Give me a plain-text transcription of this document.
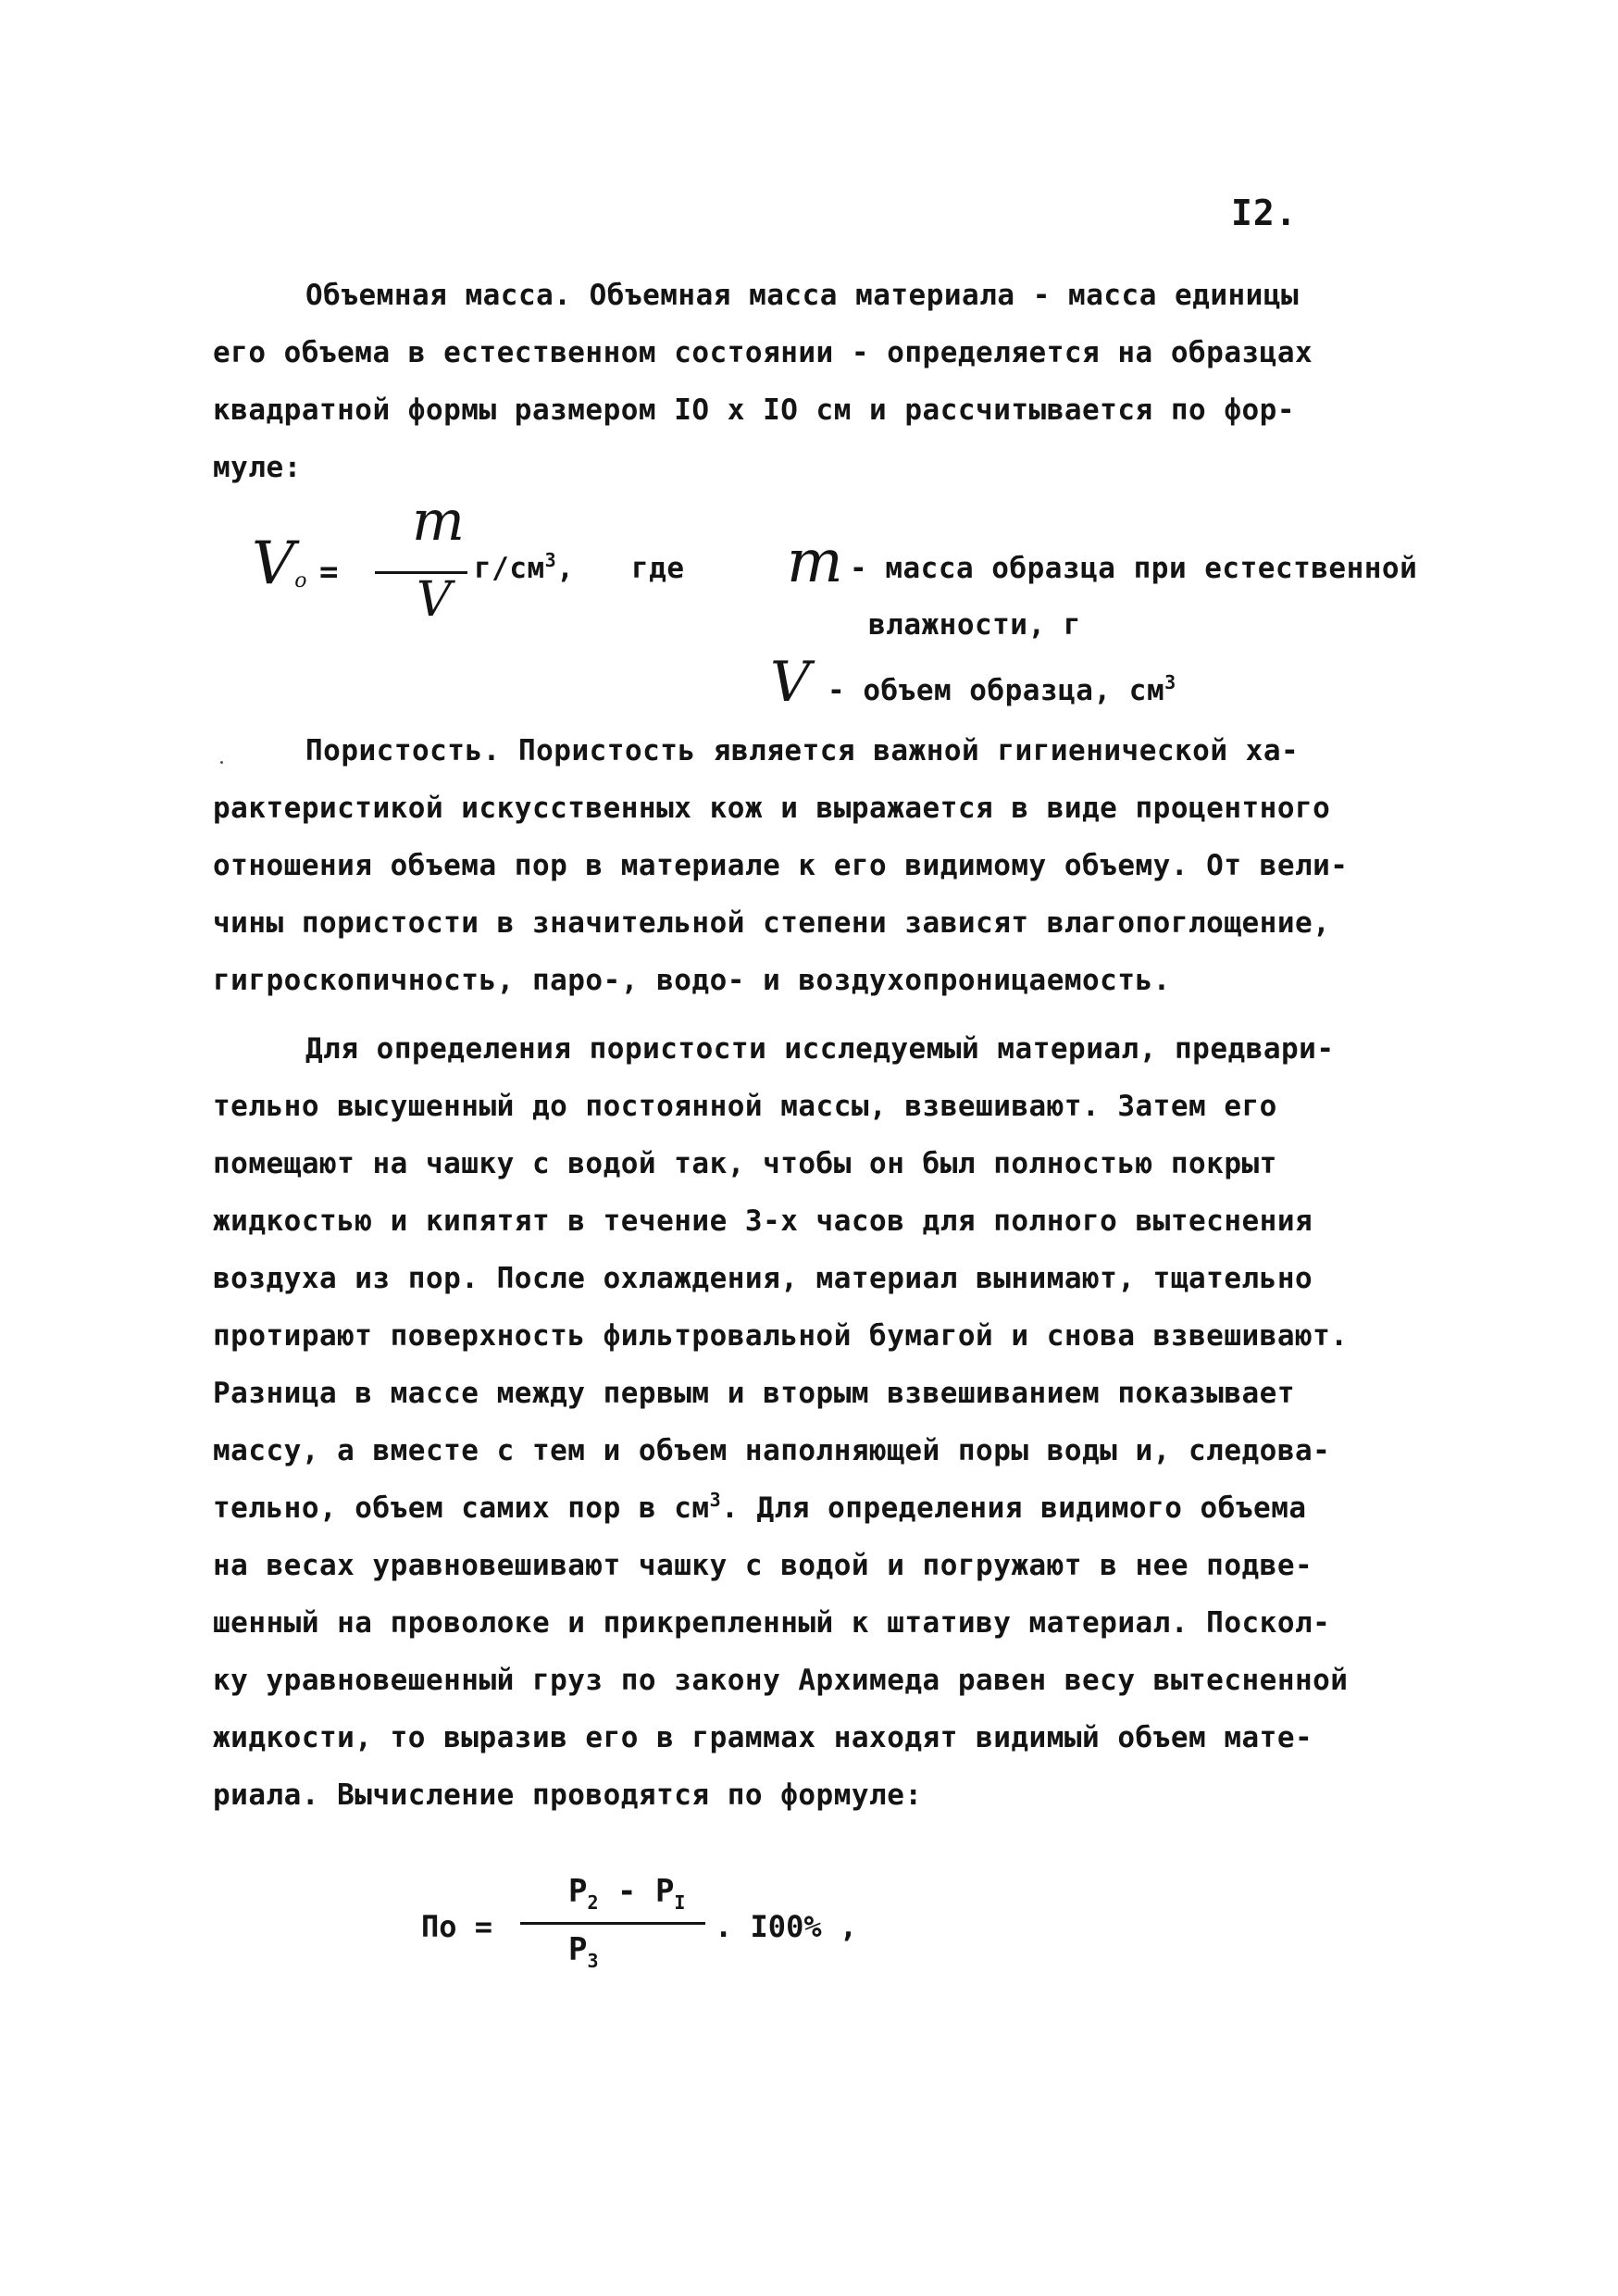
I2.
Объемная масса. Объемная масса материала - масса единицы
его объема в естественном состоянии - определяется на образцах
квадратной формы размером IO x IO см и рассчитывается по фор-
муле:
Vo =
m
V
$г/см^3$, где m - масса образца при естественной
влажности, г
V - объем образца, $см^3$
Пористость. Пористость является важной гигиенической ха-
рактеристикой искусственных кож и выражается в виде процентного
отношения объема пор в материале к его видимому объему. От вели-
чины пористости в значительной степени зависят влагопоглощение,
гигроскопичность, паро-, водо- и воздухопроницаемость.
Для определения пористости исследуемый материал, предвари-
тельно высушенный до постоянной массы, взвешивают. Затем его
помещают на чашку с водой так, чтобы он был полностью покрыт
жидкостью и кипятят в течение 3-х часов для полного вытеснения
воздуха из пор. После охлаждения, материал вынимают, тщательно
протирают поверхность фильтровальной бумагой и снова взвешивают.
Разница в массе между первым и вторым взвешиванием показывает
массу, а вместе с тем и объем наполняющей поры воды и, следова-
тельно, объем самих пор в $см^3$. Для определения видимого объема
на весах уравновешивают чашку с водой и погружают в нее подве-
шенный на проволоке и прикрепленный к штативу материал. Поскол-
ку уравновешенный груз по закону Архимеда равен весу вытесненной
жидкости, то выразив его в граммах находят видимый объем мате-
риала. Вычисление проводятся по формуле:
По =
$P_2 - P_I$
$P_3$
. I00% ,
